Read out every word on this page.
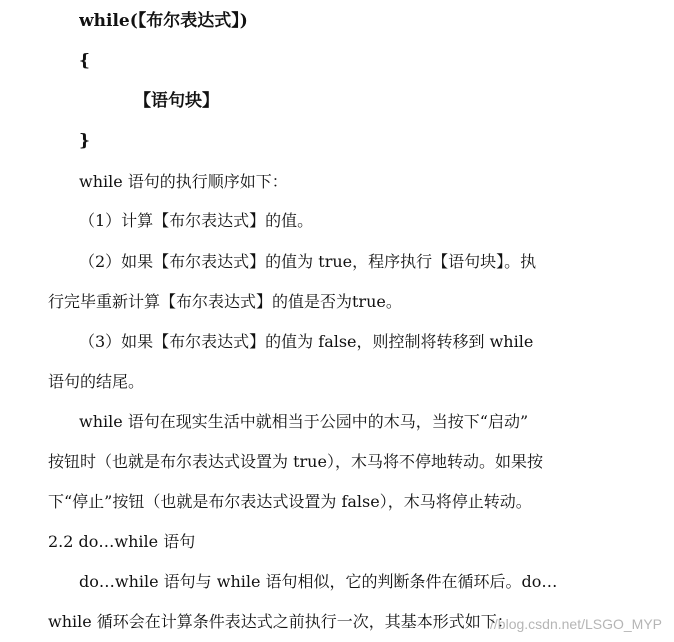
while(【布尔表达式】)
{
【语句块】
}
while 语句的执行顺序如下：
（1）计算【布尔表达式】的值。
（2）如果【布尔表达式】的值为 true，程序执行【语句块】。执
行完毕重新计算【布尔表达式】的值是否为true。
（3）如果【布尔表达式】的值为 false，则控制将转移到 while
语句的结尾。
while 语句在现实生活中就相当于公园中的木马，当按下“启动”
按钮时（也就是布尔表达式设置为 true），木马将不停地转动。如果按
下“停止”按钮（也就是布尔表达式设置为 false），木马将停止转动。
2.2 do…while 语句
do…while 语句与 while 语句相似，它的判断条件在循环后。do…
while 循环会在计算条件表达式之前执行一次，其基本形式如下：
//blog.csdn.net/LSGO_MYP
